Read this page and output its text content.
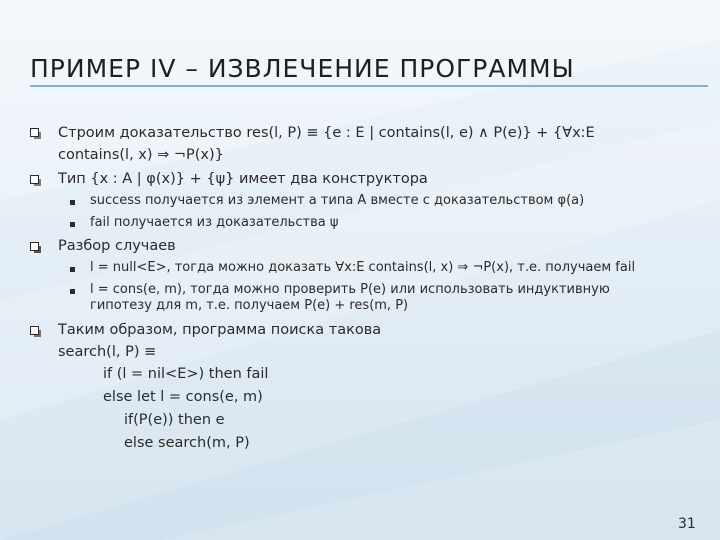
ПРИМЕР IV – ИЗВЛЕЧЕНИЕ ПРОГРАММЫ
Строим доказательство res(l, P) ≡ {e : E | contains(l, e) ∧ P(e)} + {∀x:E
contains(l, x) ⇒ ¬P(x)}
Тип {x : A | φ(x)} + {ψ} имеет два конструктора
success получается из элемент a типа A вместе с доказательством φ(a)
fail получается из доказательства ψ
Разбор случаев
l = null<E>, тогда можно доказать ∀x:E contains(l, x) ⇒ ¬P(x), т.е. получаем fail
l = cons(e, m), тогда можно проверить P(e) или использовать индуктивную
гипотезу для m, т.е. получаем P(e) + res(m, P)
Таким образом, программа поиска такова
search(l, P) ≡
if (l = nil<E>) then fail
else let l = cons(e, m)
if(P(e)) then e
else search(m, P)
31
